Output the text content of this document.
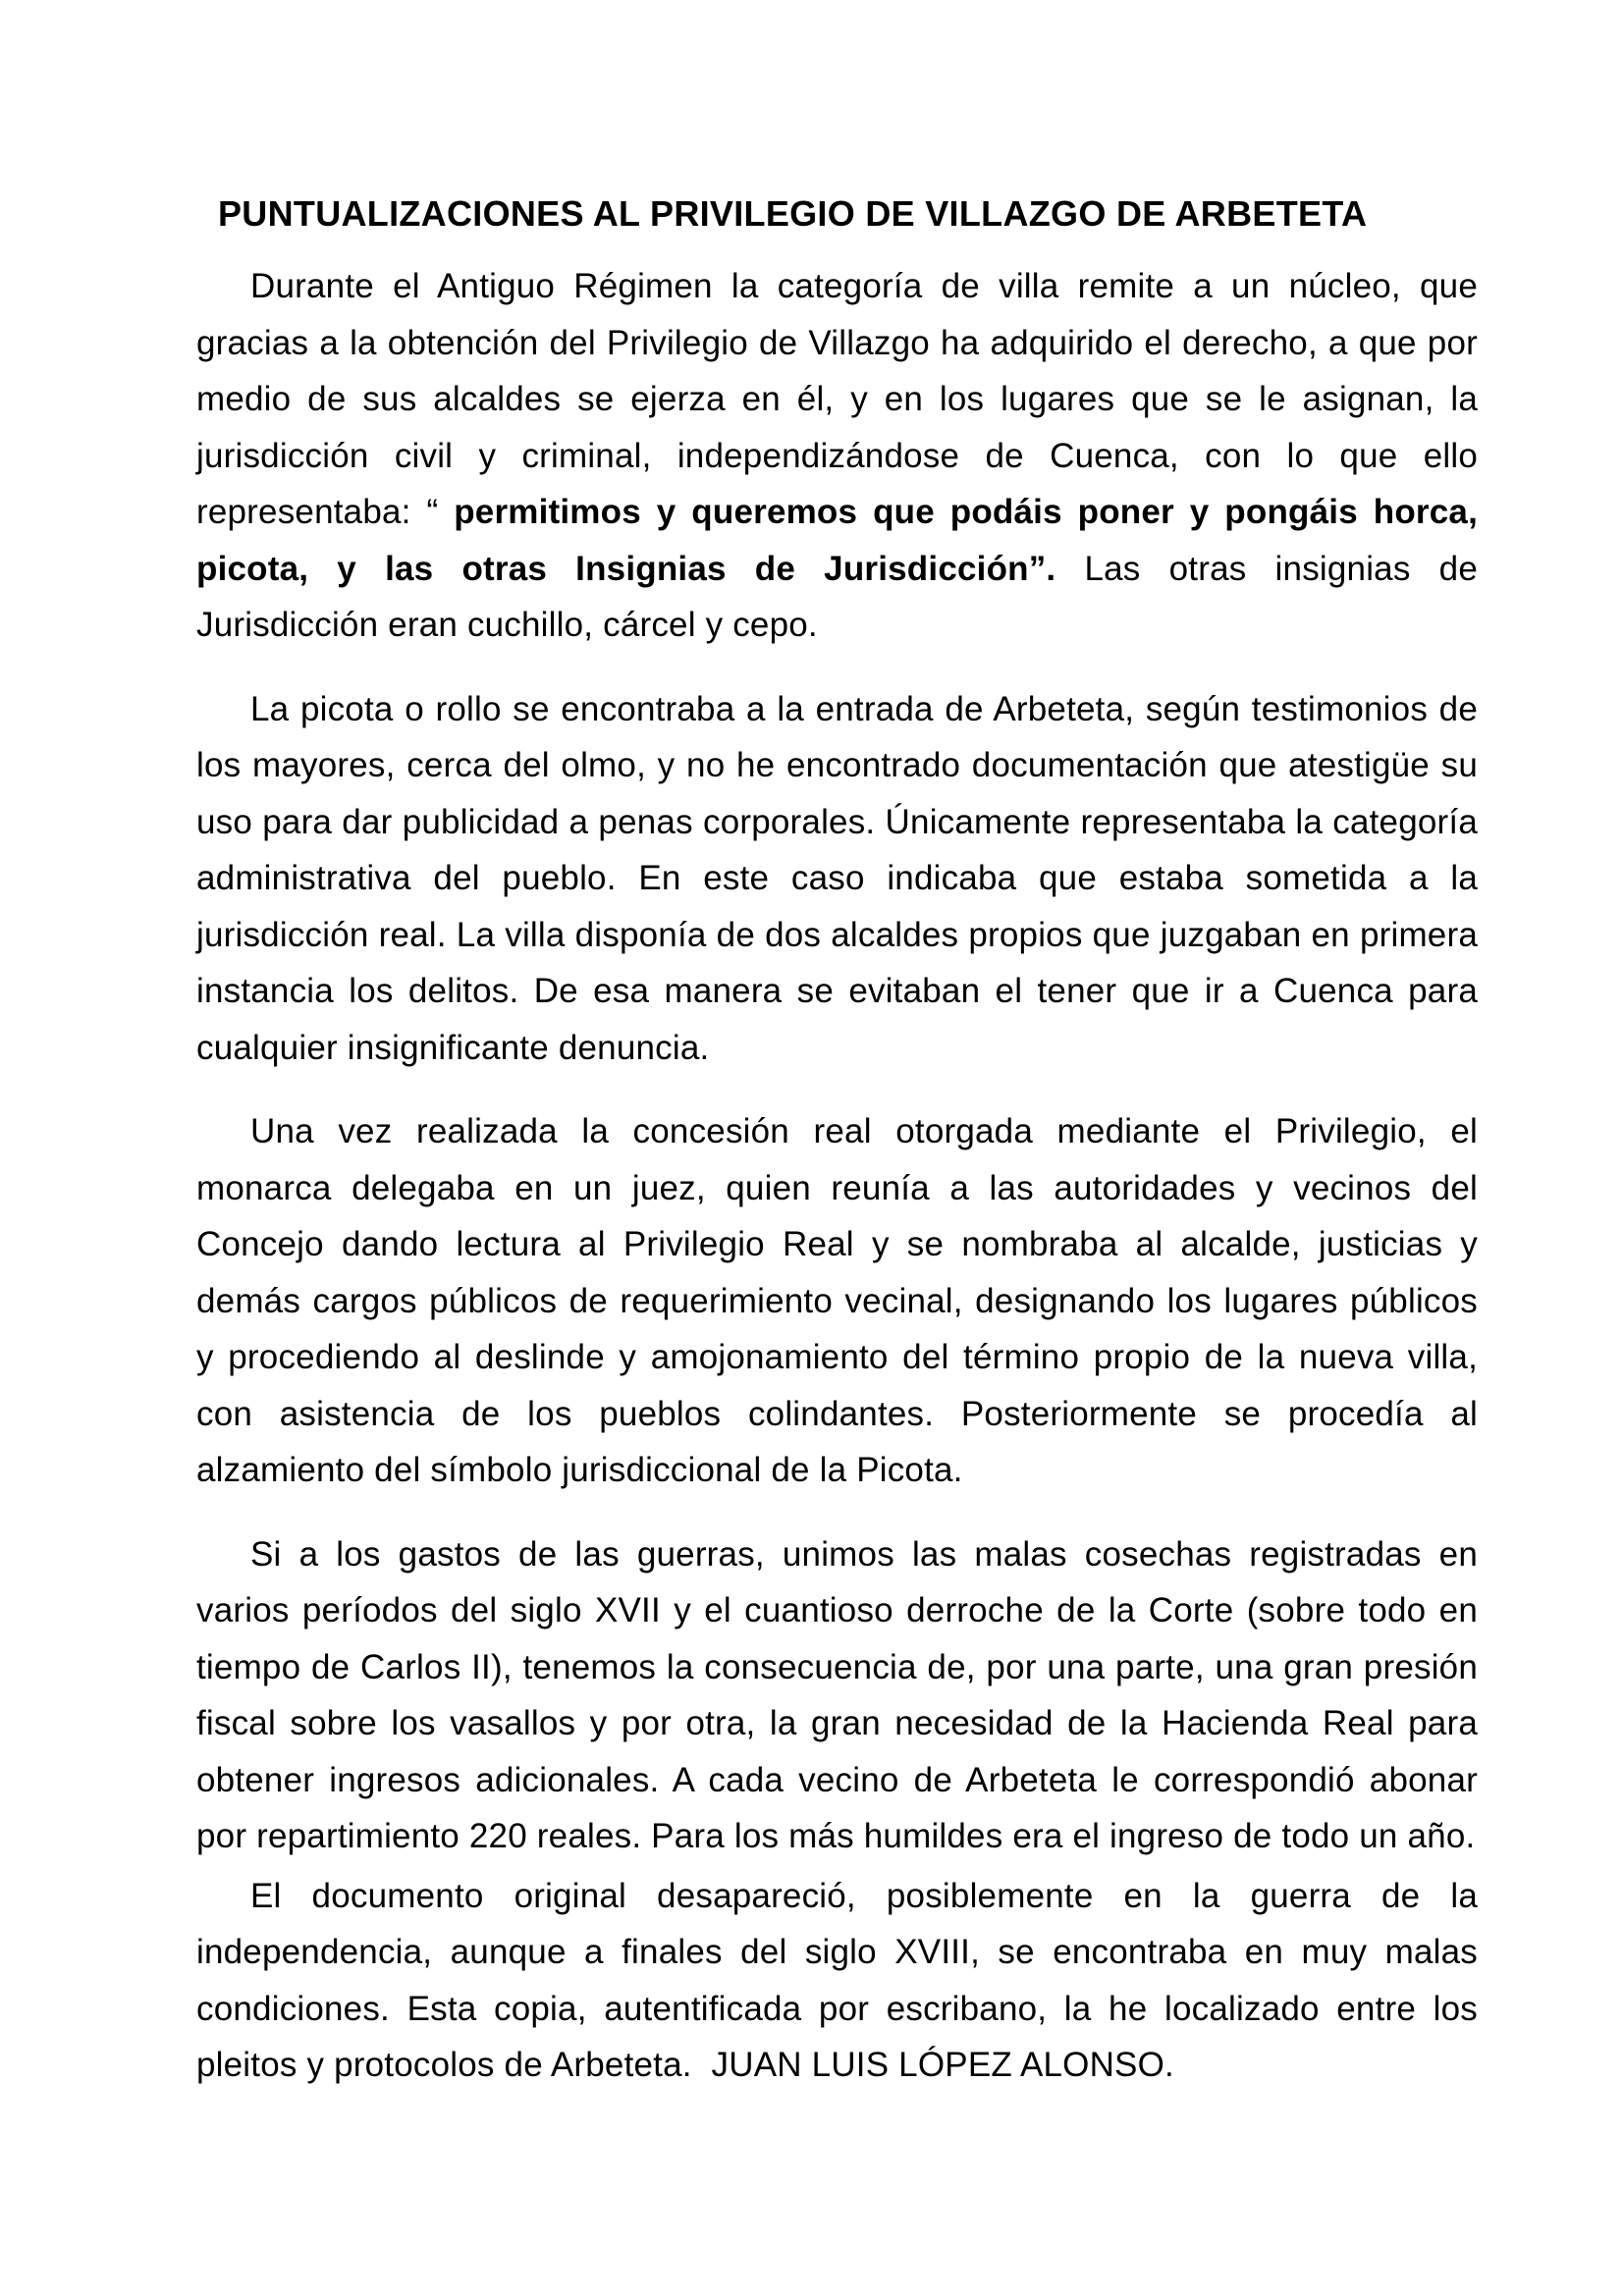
PUNTUALIZACIONES AL PRIVILEGIO DE VILLAZGO DE ARBETETA

Durante el Antiguo Régimen la categoría de villa remite a un núcleo, que gracias a la obtención del Privilegio de Villazgo ha adquirido el derecho, a que por medio de sus alcaldes se ejerza en él, y en los lugares que se le asignan, la jurisdicción civil y criminal, independizándose de Cuenca, con lo que ello representaba: “ permitimos y queremos que podáis poner y pongáis horca, picota, y las otras Insignias de Jurisdicción”. Las otras insignias de Jurisdicción eran cuchillo, cárcel y cepo.

La picota o rollo se encontraba a la entrada de Arbeteta, según testimonios de los mayores, cerca del olmo, y no he encontrado documentación que atestigüe su uso para dar publicidad a penas corporales. Únicamente representaba la categoría administrativa del pueblo. En este caso indicaba que estaba sometida a la jurisdicción real. La villa disponía de dos alcaldes propios que juzgaban en primera instancia los delitos. De esa manera se evitaban el tener que ir a Cuenca para cualquier insignificante denuncia.

Una vez realizada la concesión real otorgada mediante el Privilegio, el monarca delegaba en un juez, quien reunía a las autoridades y vecinos del Concejo dando lectura al Privilegio Real y se nombraba al alcalde, justicias y demás cargos públicos de requerimiento vecinal, designando los lugares públicos y procediendo al deslinde y amojonamiento del término propio de la nueva villa, con asistencia de los pueblos colindantes. Posteriormente se procedía al alzamiento del símbolo jurisdiccional de la Picota.

Si a los gastos de las guerras, unimos las malas cosechas registradas en varios períodos del siglo XVII y el cuantioso derroche de la Corte (sobre todo en tiempo de Carlos II), tenemos la consecuencia de, por una parte, una gran presión fiscal sobre los vasallos y por otra, la gran necesidad de la Hacienda Real para obtener ingresos adicionales. A cada vecino de Arbeteta le correspondió abonar por repartimiento 220 reales. Para los más humildes era el ingreso de todo un año.

El documento original desapareció, posiblemente en la guerra de la independencia, aunque a finales del siglo XVIII, se encontraba en muy malas condiciones. Esta copia, autentificada por escribano, la he localizado entre los pleitos y protocolos de Arbeteta.  JUAN LUIS LÓPEZ ALONSO.
